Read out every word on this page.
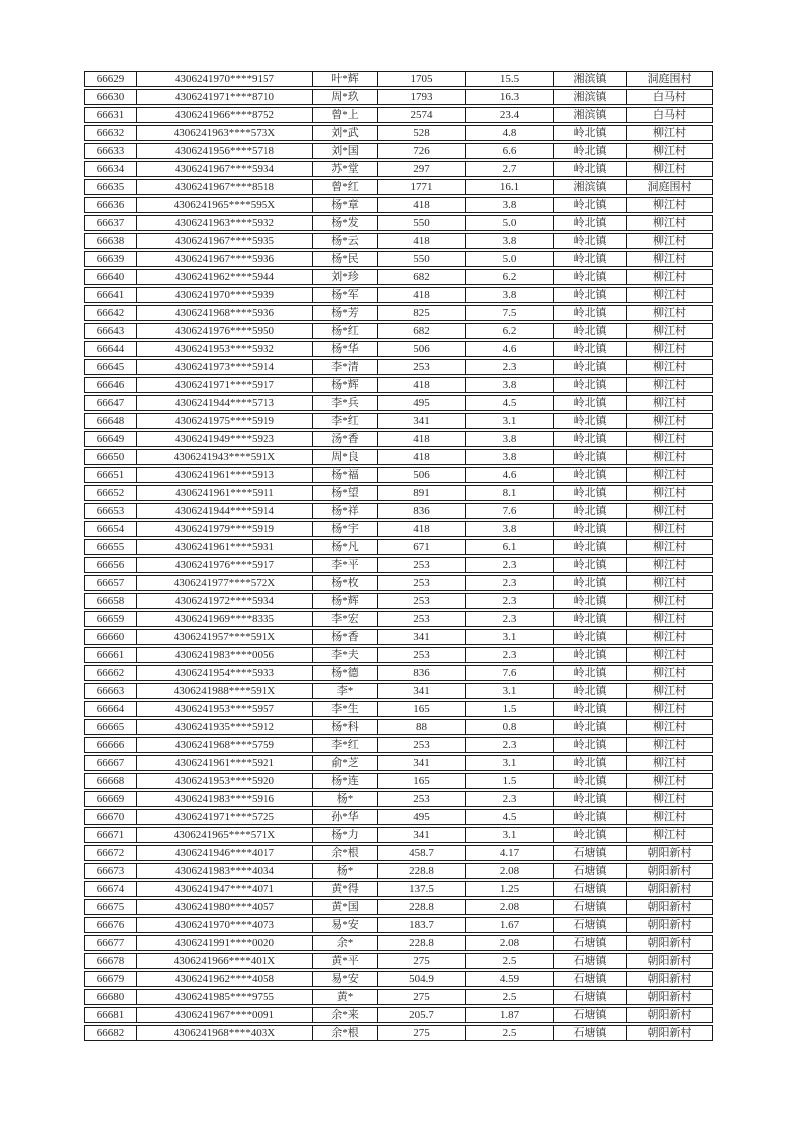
66629	4306241970****9157	叶*辉	1705	15.5	湘滨镇	洞庭围村
66630	4306241971****8710	周*玖	1793	16.3	湘滨镇	白马村
66631	4306241966****8752	曾*上	2574	23.4	湘滨镇	白马村
66632	4306241963****573X	刘*武	528	4.8	岭北镇	柳江村
66633	4306241956****5718	刘*国	726	6.6	岭北镇	柳江村
66634	4306241967****5934	苏*堂	297	2.7	岭北镇	柳江村
66635	4306241967****8518	曾*红	1771	16.1	湘滨镇	洞庭围村
66636	4306241965****595X	杨*章	418	3.8	岭北镇	柳江村
66637	4306241963****5932	杨*发	550	5.0	岭北镇	柳江村
66638	4306241967****5935	杨*云	418	3.8	岭北镇	柳江村
66639	4306241967****5936	杨*民	550	5.0	岭北镇	柳江村
66640	4306241962****5944	刘*珍	682	6.2	岭北镇	柳江村
66641	4306241970****5939	杨*军	418	3.8	岭北镇	柳江村
66642	4306241968****5936	杨*芳	825	7.5	岭北镇	柳江村
66643	4306241976****5950	杨*红	682	6.2	岭北镇	柳江村
66644	4306241953****5932	杨*华	506	4.6	岭北镇	柳江村
66645	4306241973****5914	李*清	253	2.3	岭北镇	柳江村
66646	4306241971****5917	杨*辉	418	3.8	岭北镇	柳江村
66647	4306241944****5713	李*兵	495	4.5	岭北镇	柳江村
66648	4306241975****5919	李*红	341	3.1	岭北镇	柳江村
66649	4306241949****5923	汤*香	418	3.8	岭北镇	柳江村
66650	4306241943****591X	周*良	418	3.8	岭北镇	柳江村
66651	4306241961****5913	杨*福	506	4.6	岭北镇	柳江村
66652	4306241961****5911	杨*望	891	8.1	岭北镇	柳江村
66653	4306241944****5914	杨*祥	836	7.6	岭北镇	柳江村
66654	4306241979****5919	杨*宇	418	3.8	岭北镇	柳江村
66655	4306241961****5931	杨*凡	671	6.1	岭北镇	柳江村
66656	4306241976****5917	李*平	253	2.3	岭北镇	柳江村
66657	4306241977****572X	杨*枚	253	2.3	岭北镇	柳江村
66658	4306241972****5934	杨*辉	253	2.3	岭北镇	柳江村
66659	4306241969****8335	李*宏	253	2.3	岭北镇	柳江村
66660	4306241957****591X	杨*香	341	3.1	岭北镇	柳江村
66661	4306241983****0056	李*夫	253	2.3	岭北镇	柳江村
66662	4306241954****5933	杨*德	836	7.6	岭北镇	柳江村
66663	4306241988****591X	李*	341	3.1	岭北镇	柳江村
66664	4306241953****5957	李*生	165	1.5	岭北镇	柳江村
66665	4306241935****5912	杨*科	88	0.8	岭北镇	柳江村
66666	4306241968****5759	李*红	253	2.3	岭北镇	柳江村
66667	4306241961****5921	俞*芝	341	3.1	岭北镇	柳江村
66668	4306241953****5920	杨*连	165	1.5	岭北镇	柳江村
66669	4306241983****5916	杨*	253	2.3	岭北镇	柳江村
66670	4306241971****5725	孙*华	495	4.5	岭北镇	柳江村
66671	4306241965****571X	杨*力	341	3.1	岭北镇	柳江村
66672	4306241946****4017	余*根	458.7	4.17	石塘镇	朝阳新村
66673	4306241983****4034	杨*	228.8	2.08	石塘镇	朝阳新村
66674	4306241947****4071	黄*得	137.5	1.25	石塘镇	朝阳新村
66675	4306241980****4057	黄*国	228.8	2.08	石塘镇	朝阳新村
66676	4306241970****4073	易*安	183.7	1.67	石塘镇	朝阳新村
66677	4306241991****0020	余*	228.8	2.08	石塘镇	朝阳新村
66678	4306241966****401X	黄*平	275	2.5	石塘镇	朝阳新村
66679	4306241962****4058	易*安	504.9	4.59	石塘镇	朝阳新村
66680	4306241985****9755	黄*	275	2.5	石塘镇	朝阳新村
66681	4306241967****0091	余*来	205.7	1.87	石塘镇	朝阳新村
66682	4306241968****403X	余*根	275	2.5	石塘镇	朝阳新村
